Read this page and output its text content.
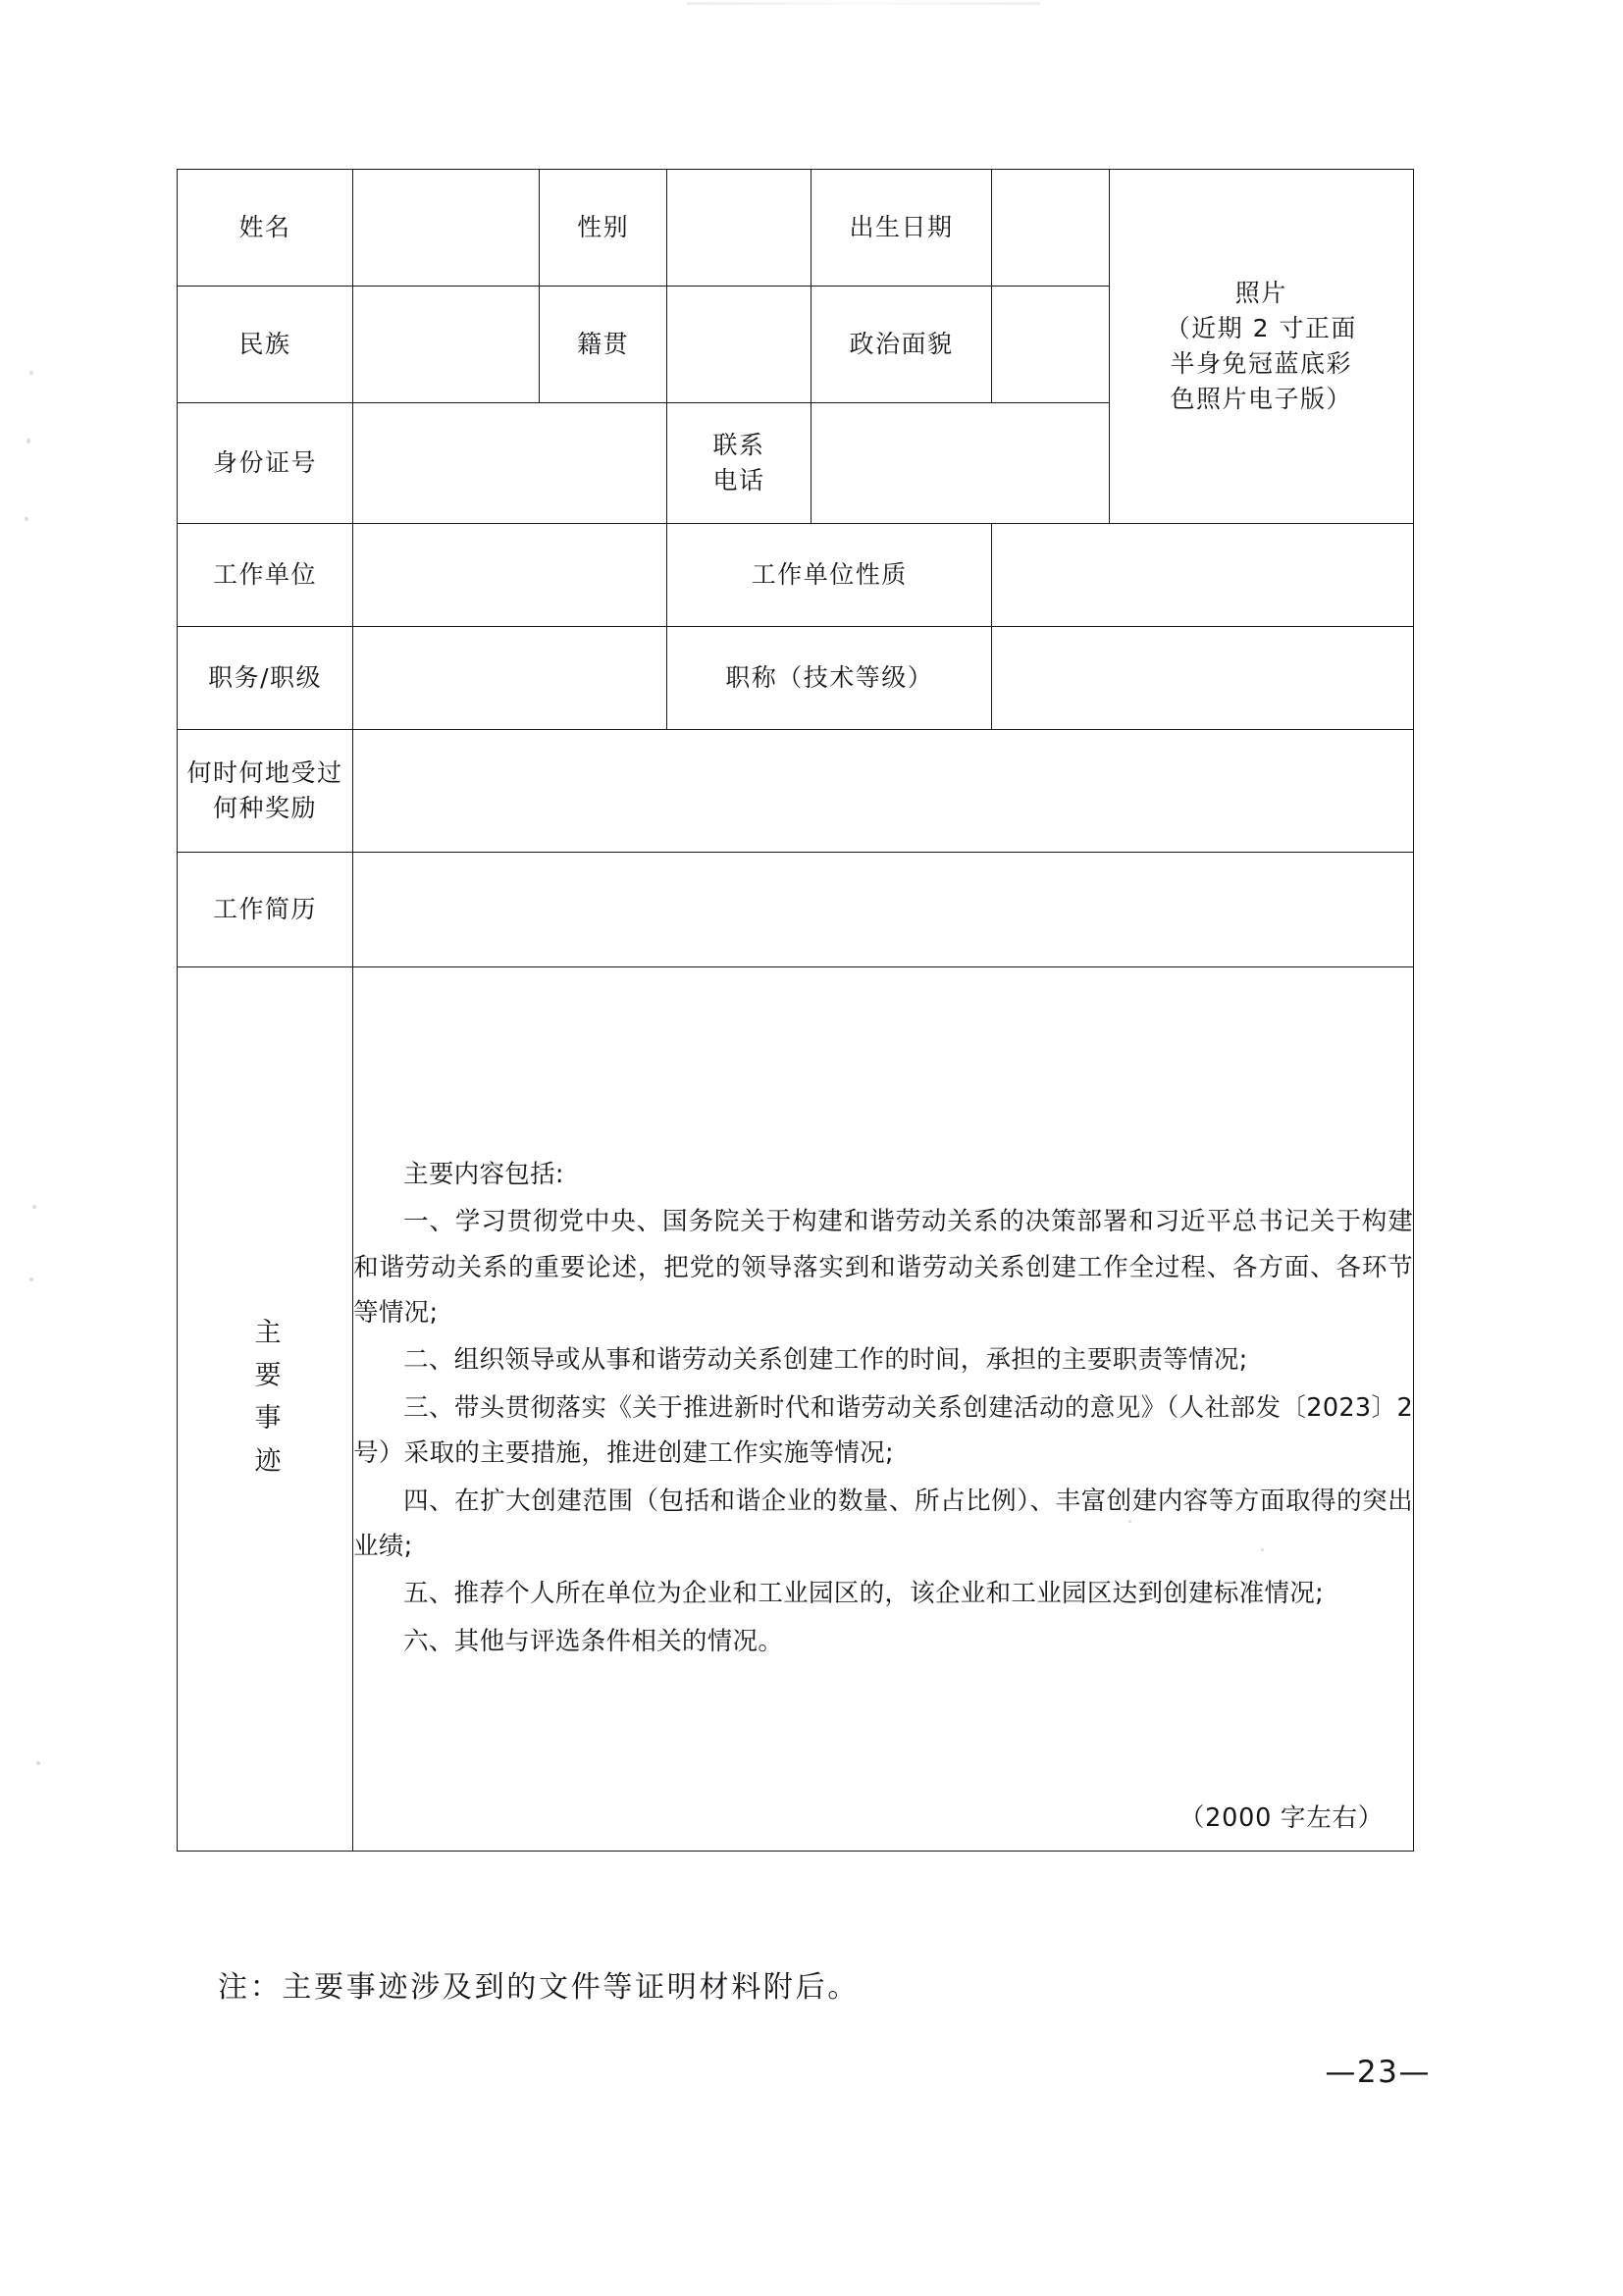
姓名		性别		出生日期		照片
（近期 2 寸正面
半身免冠蓝底彩
色照片电子版）

民族		籍贯		政治面貌		
身份证号			联系
电话			

工作单位			工作单位性质			
职务/职级			职称（技术等级）			

何时何地受过
何种奖励						

工作简历						
主要事迹	

主要内容包括:

一、学习贯彻党中央、国务院关于构建和谐劳动关系的决策部署和习近平总书记关于构建和谐劳动关系的重要论述，把党的领导落实到和谐劳动关系创建工作全过程、各方面、各环节等情况;

二、组织领导或从事和谐劳动关系创建工作的时间，承担的主要职责等情况;

三、带头贯彻落实《关于推进新时代和谐劳动关系创建活动的意见》（人社部发〔2023〕2 号）采取的主要措施，推进创建工作实施等情况;

四、在扩大创建范围（包括和谐企业的数量、所占比例）、丰富创建内容等方面取得的突出业绩;

五、推荐个人所在单位为企业和工业园区的，该企业和工业园区达到创建标准情况;

六、其他与评选条件相关的情况。

（2000 字左右）
注：主要事迹涉及到的文件等证明材料附后。
—23—
